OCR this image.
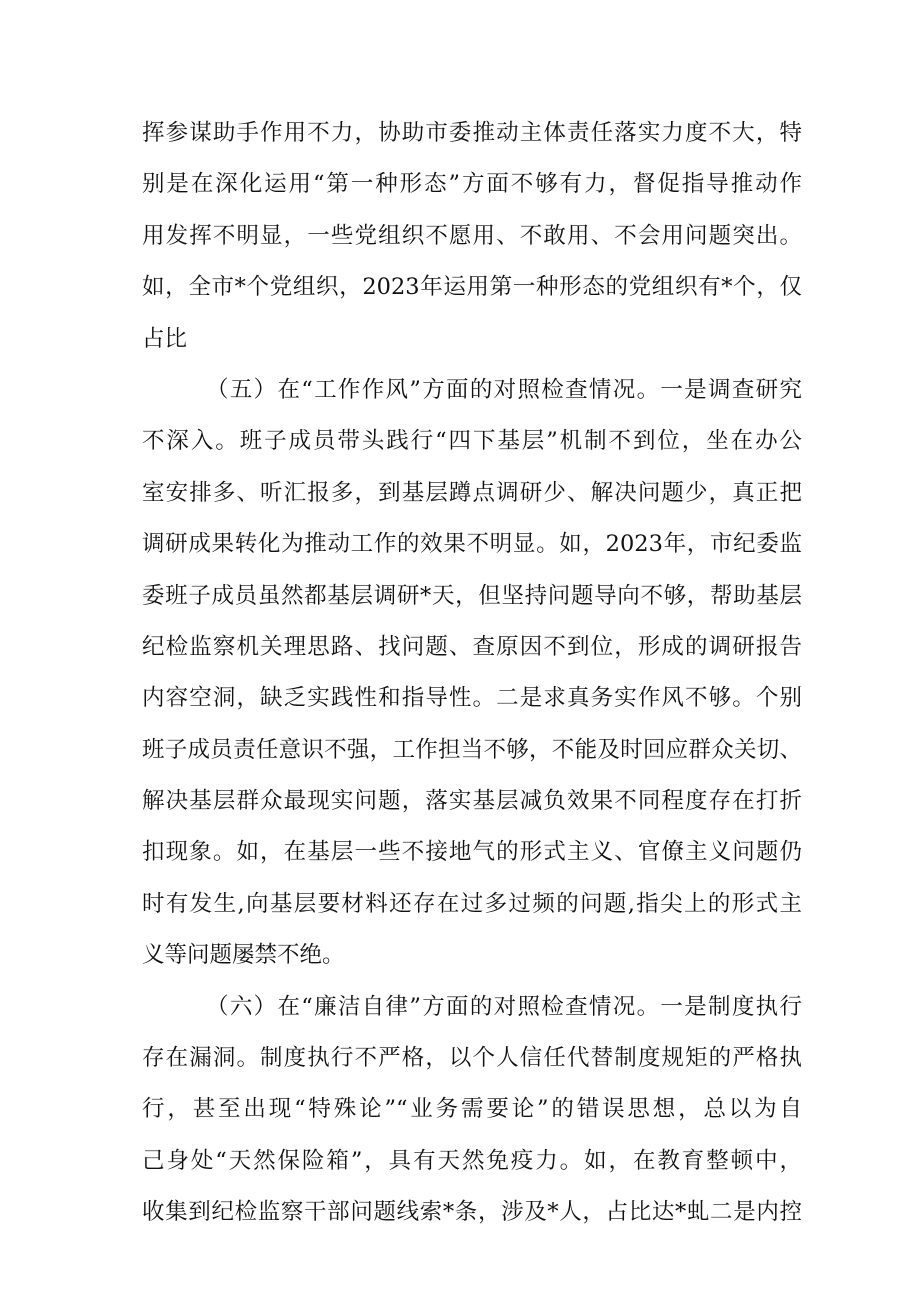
挥参谋助手作用不力，协助市委推动主体责任落实力度不大，特
别是在深化运用“第一种形态”方面不够有力，督促指导推动作
用发挥不明显，一些党组织不愿用、不敢用、不会用问题突出。
如，全市*个党组织，2023年运用第一种形态的党组织有*个，仅
占比
（五）在“工作作风”方面的对照检查情况。一是调查研究
不深入。班子成员带头践行“四下基层”机制不到位，坐在办公
室安排多、听汇报多，到基层蹲点调研少、解决问题少，真正把
调研成果转化为推动工作的效果不明显。如，2023年，市纪委监
委班子成员虽然都基层调研*天，但坚持问题导向不够，帮助基层
纪检监察机关理思路、找问题、查原因不到位，形成的调研报告
内容空洞，缺乏实践性和指导性。二是求真务实作风不够。个别
班子成员责任意识不强，工作担当不够，不能及时回应群众关切、
解决基层群众最现实问题，落实基层减负效果不同程度存在打折
扣现象。如，在基层一些不接地气的形式主义、官僚主义问题仍
时有发生,向基层要材料还存在过多过频的问题,指尖上的形式主
义等问题屡禁不绝。
（六）在“廉洁自律”方面的对照检查情况。一是制度执行
存在漏洞。制度执行不严格，以个人信任代替制度规矩的严格执
行，甚至出现“特殊论”“业务需要论”的错误思想，总以为自
己身处“天然保险箱”，具有天然免疫力。如，在教育整顿中，
收集到纪检监察干部问题线索*条，涉及*人，占比达*虬二是内控
